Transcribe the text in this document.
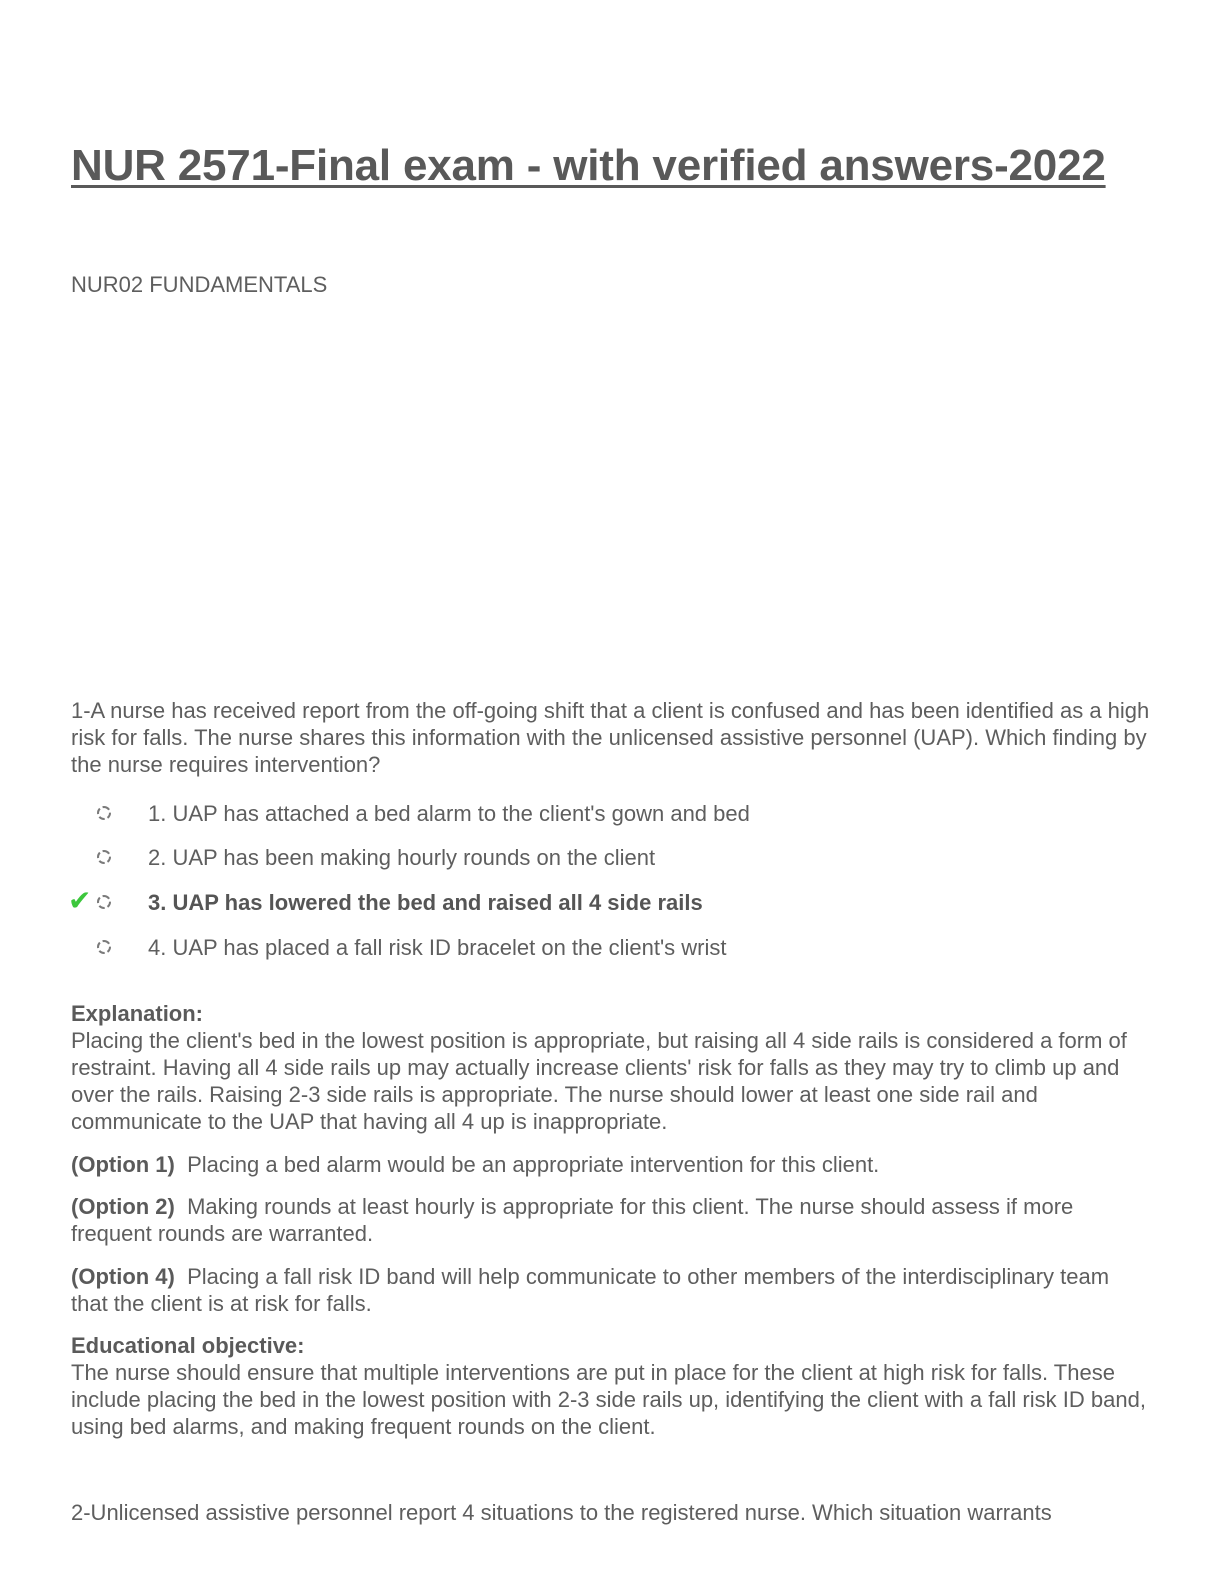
NUR 2571-Final exam - with verified answers-2022
NUR02 FUNDAMENTALS
1-A nurse has received report from the off-going shift that a client is confused and has been identified as a high risk for falls. The nurse shares this information with the unlicensed assistive personnel (UAP). Which finding by the nurse requires intervention?
1. UAP has attached a bed alarm to the client's gown and bed
2. UAP has been making hourly rounds on the client
✔	3. UAP has lowered the bed and raised all 4 side rails
4. UAP has placed a fall risk ID bracelet on the client's wrist
Explanation:
Placing the client's bed in the lowest position is appropriate, but raising all 4 side rails is considered a form of restraint. Having all 4 side rails up may actually increase clients' risk for falls as they may try to climb up and over the rails. Raising 2-3 side rails is appropriate. The nurse should lower at least one side rail and communicate to the UAP that having all 4 up is inappropriate.
(Option 1) Placing a bed alarm would be an appropriate intervention for this client.
(Option 2) Making rounds at least hourly is appropriate for this client. The nurse should assess if more frequent rounds are warranted.
(Option 4) Placing a fall risk ID band will help communicate to other members of the interdisciplinary team that the client is at risk for falls.
Educational objective:
The nurse should ensure that multiple interventions are put in place for the client at high risk for falls. These include placing the bed in the lowest position with 2-3 side rails up, identifying the client with a fall risk ID band, using bed alarms, and making frequent rounds on the client.
2-Unlicensed assistive personnel report 4 situations to the registered nurse. Which situation warrants
